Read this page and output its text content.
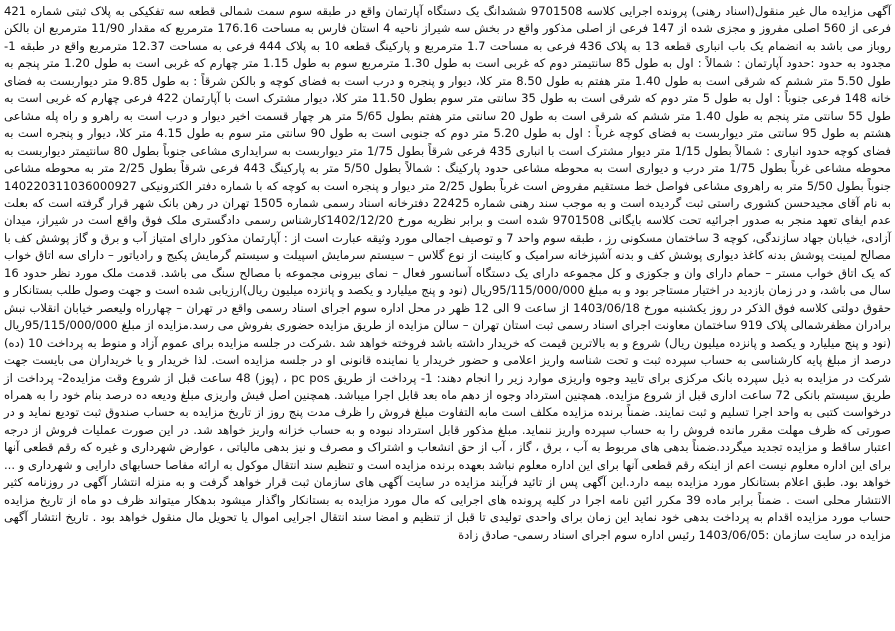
آگهی مزایده مال غیر منقول(اسناد رهنی) پرونده اجرایی کلاسه 9701508 ششدانگ یک دستگاه آپارتمان واقع در طبقه سوم سمت شمالی قطعه سه تفکیکی به پلاک ثبتی شماره 421 فرعی از 560 اصلی مفروز و مجزی شده از 147 فرعی از اصلی مذکور واقع در بخش سه شیراز ناحیه 4 استان فارس به مساحت 176.16 مترمربع که مقدار 11/90 مترمربع ان بالکن روباز می باشد به انضمام یک باب انباری قطعه 13 به پلاک 436 فرعی به مساحت 1.7 مترمربع و پارکینگ قطعه 10 به پلاک 444 فرعی به مساحت 12.37 مترمربع واقع در طبقه 1- مجدود به حدود :حدود آپارتمان : شمالاً : اول به طول 85 سانتیمتر دوم که غربی است به طول 1.30 مترمربع سوم به طول 1.15 متر چهارم که غربی است به طول 1.20 متر پنجم به طول 5.50 متر ششم که شرقی است به طول 1.40 متر هفتم به طول 8.50 متر کلا، دیوار و پنجره و درب است به فضای کوچه و بالکن شرقاً : به طول 9.85 متر دیواربست به فضای خانه 148 فرعی جنوباً : اول به طول 5 متر دوم که شرقی است به طول 35 سانتی متر سوم بطول 11.50 متر کلا، دیوار مشترک است با آپارتمان 422 فرعی چهارم که غربی است به طول 55 سانتی متر پنجم به طول 1.40 متر ششم که شرقی است به طول 20 سانتی متر هفتم بطول 5/65 متر هر چهار قسمت اخیر دیوار و درب است به راهرو و راه پله مشاعی هشتم به طول 95 سانتی متر دیواربست به فضای کوچه غرباً : اول به طول 5.20 متر دوم که جنوبی است به طول 90 سانتی متر سوم به طول 4.15 متر کلا، دیوار و پنجره است به فضای کوچه حدود انباری : شمالاً بطول 1/15 متر دیوار مشترک است با انباری 435 فرعی شرقاً بطول 1/75 متر دیواربست به سرایداری مشاعی جنوباً بطول 80 سانتیمتر دیواربست به محوطه مشاعی غرباً بطول 1/75 متر درب و دیواری است به محوطه مشاعی حدود پارکینگ : شمالاً بطول 5/50 متر به پارکینگ 443 فرعی شرقاً بطول 2/25 متر به محوطه مشاعی جنوباً بطول 5/50 متر به راهروی مشاعی فواصل خط مستقیم مفروض است غرباً بطول 2/25 متر دیوار و پنجره است به کوچه که با شماره دفتر الکترونیکی 140220311036000927 به نام آقای مجیدحسن کشوری راستی ثبت گردیده است و به موجب سند رهنی شماره 22425 دفترخانه اسناد رسمی شماره 1505 تهران در رهن بانک شهر قرار گرفته است که بعلت عدم ایفای تعهد منجر به صدور اجرائیه تحت کلاسه بایگانی 9701508 شده است و برابر نظریه مورخ 1402/12/20کارشناس رسمی دادگستری ملک فوق واقع است در شیراز، میدان آزادی، خیابان جهاد سازندگی، کوچه 3 ساختمان مسکونی رز ، طبقه سوم واحد 7 و توصیف اجمالی مورد وثیقه عبارت است از : آپارتمان مذکور دارای امتیاز آب و برق و گاز پوشش کف با مصالح لمینت پوشش بدنه کاغذ دیواری پوشش کف و بدنه آشپزخانه سرامیک و کابینت از نوع گلاس – سیستم سرمایش اسپیلت و سیستم گرمایش پکیج و رادیاتور – دارای سه اتاق خواب که یک اتاق خواب مستر – حمام دارای وان و جکوزی و کل مجموعه دارای یک دستگاه آسانسور فعال – نمای بیرونی مجموعه با مصالح سنگ می باشد. قدمت ملک مورد نظر حدود 16 سال می باشد، و در زمان بازدید در اختیار مستاجر بود و به مبلغ 95/115/000/000ریال (نود و پنج میلیارد و یکصد و پانزده میلیون ریال)ارزیابی شده است و جهت وصول طلب بستانکار و حقوق دولتی کلاسه فوق الذکر در روز یکشنبه مورخ 1403/06/18 از ساعت 9 الی 12 ظهر در محل اداره سوم اجرای اسناد رسمی واقع در تهران – چهارراه ولیعصر خیابان انقلاب نبش برادران مظفرشمالی پلاک 919 ساختمان معاونت اجرای اسناد رسمی ثبت استان تهران – سالن مزایده از طریق مزایده حضوری بفروش می رسد.مزایده از مبلغ 95/115/000/000ریال (نود و پنج میلیارد و یکصد و پانزده میلیون ریال) شروع و به بالاترین قیمت که خریدار داشته باشد فروخته خواهد شد .شرکت در جلسه مزایده برای عموم آزاد و منوط به پرداخت 10 (ده) درصد از مبلغ پایه کارشناسی به حساب سپرده ثبت و تحت شناسه واریز اعلامی و حضور خریدار یا نماینده قانونی او در جلسه مزایده است. لذا خریدار و یا خریداران می بایست جهت شرکت در مزایده به ذیل سپرده بانک مرکزی برای تایید وجوه واریزی موارد زیر را انجام دهند: 1- پرداخت از طریق pc pos ، (پوز) 48 ساعت قبل از شروع وقت مزایده2- پرداخت از طریق سیستم بانکی 72 ساعت اداری قبل از شروع مزایده. همچنین استرداد وجوه از دهم ماه بعد قابل اجرا میباشد. همچنین اصل فیش واریزی مبلغ ودیعه ده درصد بنام خود را به همراه درخواست کتبی به واحد اجرا تسلیم و ثبت نمایند. ضمناً برنده مزایده مکلف است مابه التفاوت مبلغ فروش را ظرف مدت پنج روز از تاریخ مزایده به حساب صندوق ثبت تودیع نماید و در صورتی که ظرف مهلت مقرر مانده فروش را به حساب سپرده واریز ننماید. مبلغ مذکور قابل استرداد نبوده و به حساب خزانه واریز خواهد شد. در این صورت عملیات فروش از درجه اعتبار ساقط و مزایده تجدید میگردد.ضمناً بدهی های مربوط به آب ، برق ، گاز ، آب از حق انشعاب و اشتراک و مصرف و نیز بدهی مالیاتی ، عوارض شهرداری و غیره که رقم قطعی آنها برای این اداره معلوم نیست اعم از اینکه رقم قطعی آنها برای این اداره معلوم نباشد بعهده برنده مزایده است و تنظیم سند انتقال موکول به ارائه مفاصا حسابهای دارایی و شهرداری و ... خواهد بود. طبق اعلام بستانکار مورد مزایده بیمه دارد.این آگهی پس از تائید فرآیند مزایده در سایت آگهی های سازمان ثبت قرار خواهد گرفت و به منزله انتشار آگهی در روزنامه کثیر الانتشار محلی است . ضمناً برابر ماده 39 مکرر ائین نامه اجرا در کلیه پرونده های اجرایی که مال مورد مزایده به بستانکار واگذار میشود بدهکار میتواند ظرف دو ماه از تاریخ مزایده حساب مورد مزایده اقدام به پرداخت بدهی خود نماید این زمان برای واحدی تولیدی تا قبل از تنظیم و امضا سند انتقال اجرایی اموال یا تحویل مال منقول خواهد بود . تاریخ انتشار آگهی مزایده در سایت سازمان :1403/06/05 رئیس اداره سوم اجرای اسناد رسمی- صادق زادة
